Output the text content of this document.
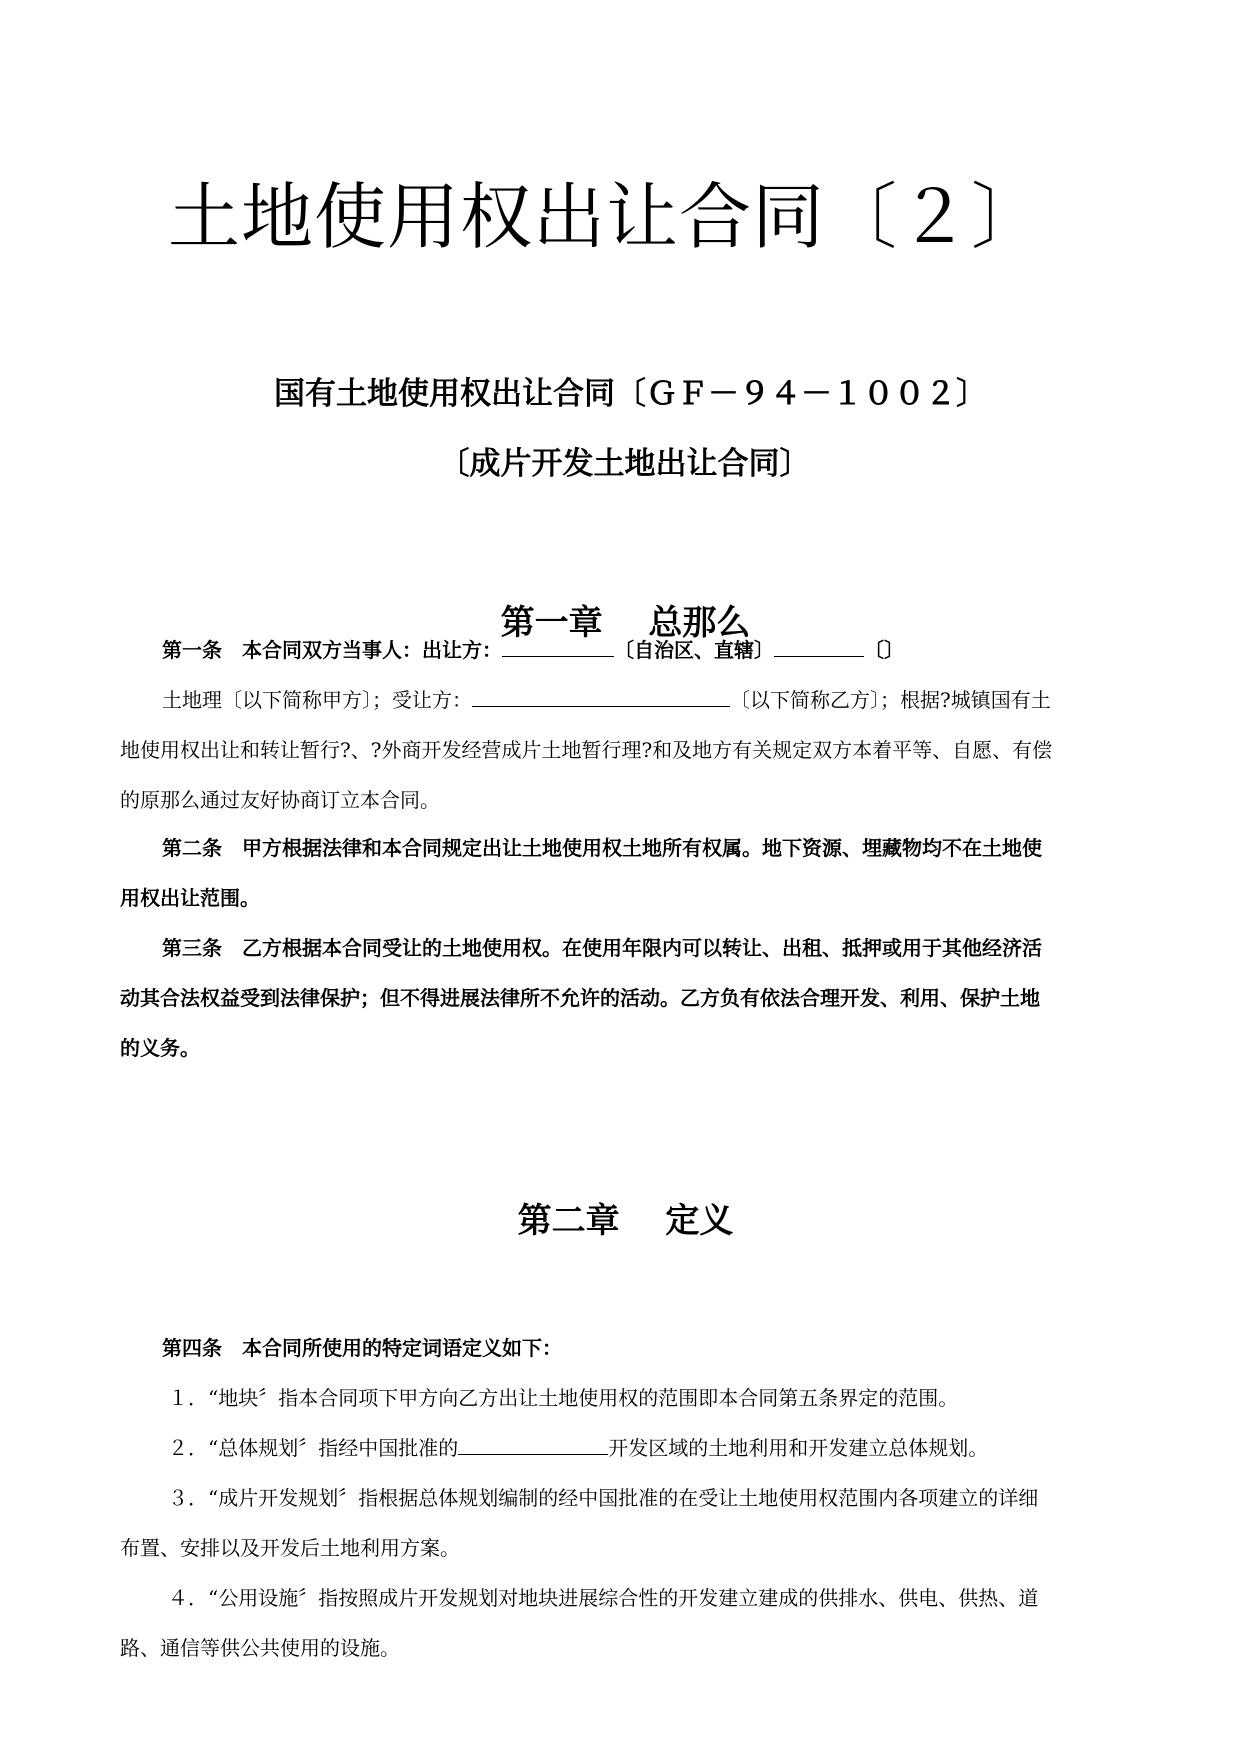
土地使用权出让合同〔２〕
国有土地使用权出让合同〔ＧＦ－９４－１００２〕
〔成片开发土地出让合同〕
第一章　 总那么
第一条　本合同双方当事人：出让方：	〔自治区、直辖〕	〔〕
土地理〔以下简称甲方〕；受让方：	〔以下简称乙方〕；根据?城镇国有土
地使用权出让和转让暂行?、?外商开发经营成片土地暂行理?和及地方有关规定双方本着平等、自愿、有偿
的原那么通过友好协商订立本合同。
第二条　甲方根据法律和本合同规定出让土地使用权土地所有权属。地下资源、埋藏物均不在土地使
用权出让范围。
第三条　乙方根据本合同受让的土地使用权。在使用年限内可以转让、出租、抵押或用于其他经济活
动其合法权益受到法律保护；但不得进展法律所不允许的活动。乙方负有依法合理开发、利用、保护土地
的义务。
第二章　 定义
第四条　本合同所使用的特定词语定义如下：
１．“地块〞指本合同项下甲方向乙方出让土地使用权的范围即本合同第五条界定的范围。
２．“总体规划〞指经中国批准的	开发区域的土地利用和开发建立总体规划。
３．“成片开发规划〞指根据总体规划编制的经中国批准的在受让土地使用权范围内各项建立的详细
布置、安排以及开发后土地利用方案。
４．“公用设施〞指按照成片开发规划对地块进展综合性的开发建立建成的供排水、供电、供热、道
路、通信等供公共使用的设施。
